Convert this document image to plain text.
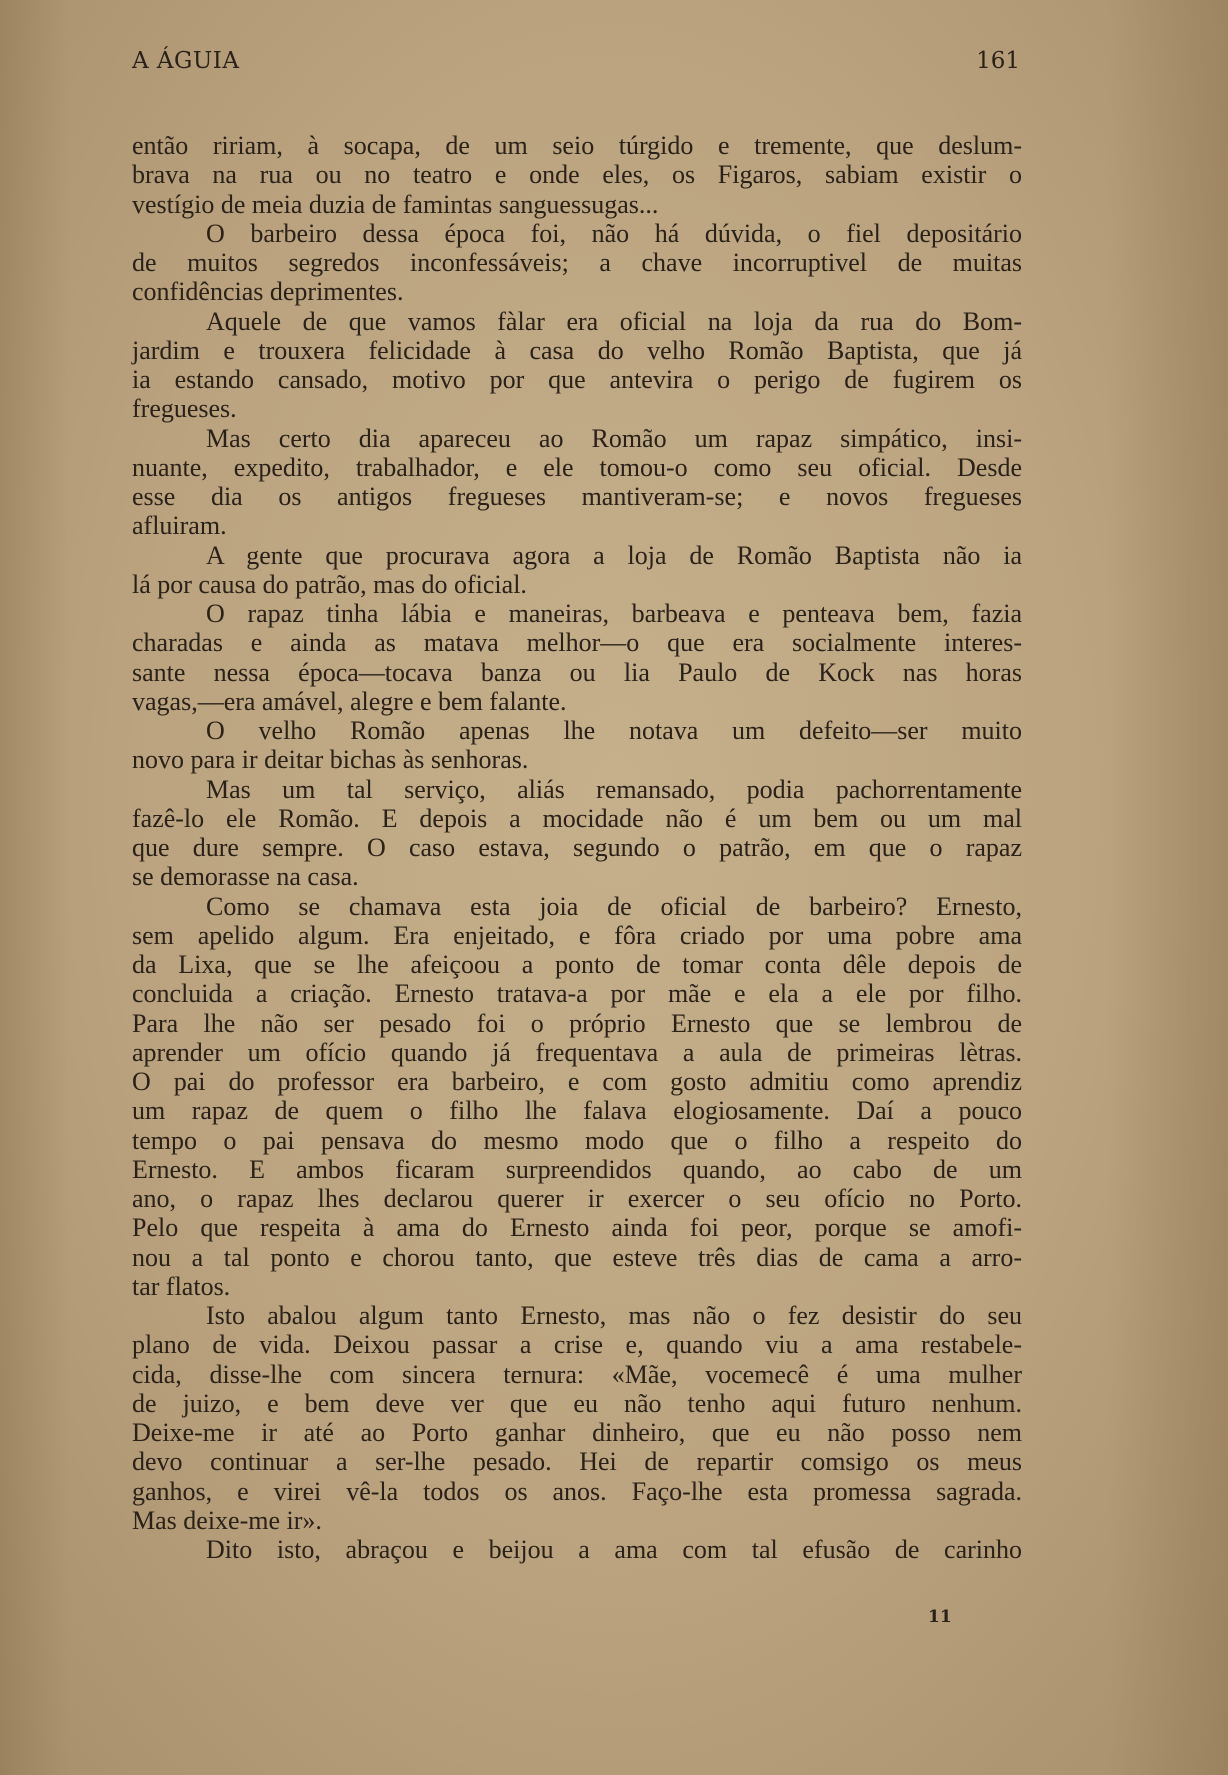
A ÁGUIA	161
então ririam, à socapa, de um seio túrgido e tremente, que deslum-
brava na rua ou no teatro e onde eles, os Figaros, sabiam existir o
vestígio de meia duzia de famintas sanguessugas...
O barbeiro dessa época foi, não há dúvida, o fiel depositário
de muitos segredos inconfessáveis; a chave incorruptivel de muitas
confidências deprimentes.
Aquele de que vamos fàlar era oficial na loja da rua do Bom-
jardim e trouxera felicidade à casa do velho Romão Baptista, que já
ia estando cansado, motivo por que antevira o perigo de fugirem os
fregueses.
Mas certo dia apareceu ao Romão um rapaz simpático, insi-
nuante, expedito, trabalhador, e ele tomou-o como seu oficial. Desde
esse dia os antigos fregueses mantiveram-se; e novos fregueses
afluiram.
A gente que procurava agora a loja de Romão Baptista não ia
lá por causa do patrão, mas do oficial.
O rapaz tinha lábia e maneiras, barbeava e penteava bem, fazia
charadas e ainda as matava melhor—o que era socialmente interes-
sante nessa época—tocava banza ou lia Paulo de Kock nas horas
vagas,—era amável, alegre e bem falante.
O velho Romão apenas lhe notava um defeito—ser muito
novo para ir deitar bichas às senhoras.
Mas um tal serviço, aliás remansado, podia pachorrentamente
fazê-lo ele Romão. E depois a mocidade não é um bem ou um mal
que dure sempre. O caso estava, segundo o patrão, em que o rapaz
se demorasse na casa.
Como se chamava esta joia de oficial de barbeiro? Ernesto,
sem apelido algum. Era enjeitado, e fôra criado por uma pobre ama
da Lixa, que se lhe afeiçoou a ponto de tomar conta dêle depois de
concluida a criação. Ernesto tratava-a por mãe e ela a ele por filho.
Para lhe não ser pesado foi o próprio Ernesto que se lembrou de
aprender um ofício quando já frequentava a aula de primeiras lètras.
O pai do professor era barbeiro, e com gosto admitiu como aprendiz
um rapaz de quem o filho lhe falava elogiosamente. Daí a pouco
tempo o pai pensava do mesmo modo que o filho a respeito do
Ernesto. E ambos ficaram surpreendidos quando, ao cabo de um
ano, o rapaz lhes declarou querer ir exercer o seu ofício no Porto.
Pelo que respeita à ama do Ernesto ainda foi peor, porque se amofi-
nou a tal ponto e chorou tanto, que esteve três dias de cama a arro-
tar flatos.
Isto abalou algum tanto Ernesto, mas não o fez desistir do seu
plano de vida. Deixou passar a crise e, quando viu a ama restabele-
cida, disse-lhe com sincera ternura: «Mãe, vocemecê é uma mulher
de juizo, e bem deve ver que eu não tenho aqui futuro nenhum.
Deixe-me ir até ao Porto ganhar dinheiro, que eu não posso nem
devo continuar a ser-lhe pesado. Hei de repartir comsigo os meus
ganhos, e virei vê-la todos os anos. Faço-lhe esta promessa sagrada.
Mas deixe-me ir».
Dito isto, abraçou e beijou a ama com tal efusão de carinho
11
